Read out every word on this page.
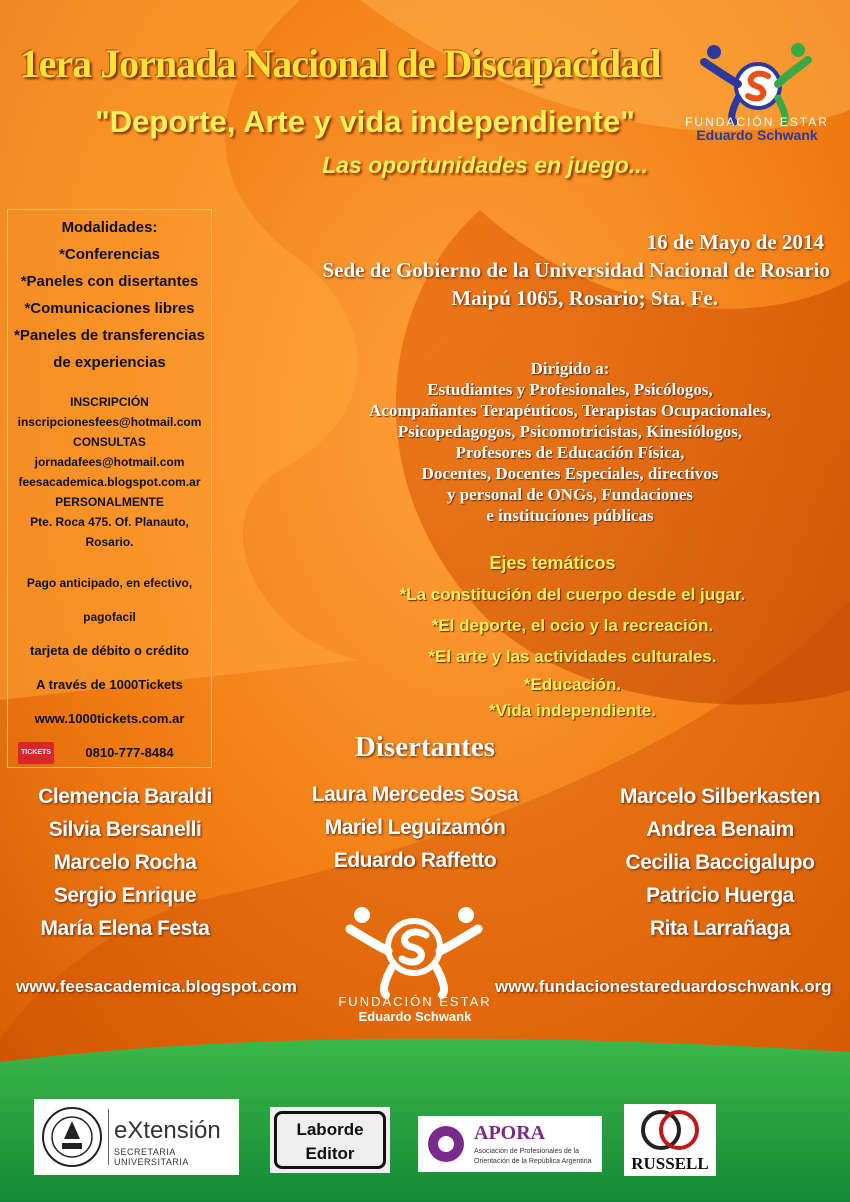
1era Jornada Nacional de Discapacidad
"Deporte, Arte y vida independiente"
Las oportunidades en juego...
FUNDACIÓN ESTAR
Eduardo Schwank
Modalidades:
*Conferencias
*Paneles con disertantes
*Comunicaciones libres
*Paneles de transferencias
de experiencias
INSCRIPCIÓN
inscripcionesfees@hotmail.com
CONSULTAS
jornadafees@hotmail.com
feesacademica.blogspot.com.ar
PERSONALMENTE
Pte. Roca 475. Of. Planauto,
Rosario.
Pago anticipado, en efectivo, pagofacil
tarjeta de débito o crédito
A través de 1000Tickets
www.1000tickets.com.ar
TICKETS	0810-777-8484
16 de Mayo de 2014
Sede de Gobierno de la Universidad Nacional de Rosario
Maipú 1065, Rosario; Sta. Fe.
Dirigido a:
Estudiantes y Profesionales, Psicólogos,
Acompañantes Terapéuticos, Terapistas Ocupacionales,
Psicopedagogos, Psicomotricistas, Kinesiólogos,
Profesores de Educación Física,
Docentes, Docentes Especiales, directivos
y personal de ONGs, Fundaciones
e instituciones públicas
Ejes temáticos
*La constitución del cuerpo desde el jugar.
*El deporte, el ocio y la recreación.
*El arte y las actividades culturales.
*Educación.
*Vida independiente.
Disertantes
Clemencia Baraldi
Silvia Bersanelli
Marcelo Rocha
Sergio Enrique
María Elena Festa
Laura Mercedes Sosa
Mariel Leguizamón
Eduardo Raffetto
Marcelo Silberkasten
Andrea Benaim
Cecilia Baccigalupo
Patricio Huerga
Rita Larrañaga
FUNDACIÓN ESTAR
Eduardo Schwank
www.feesacademica.blogspot.com	www.fundacionestareduardoschwank.org
eXtensión
SECRETARIA UNIVERSITARIA
Laborde
Editor
APORA
Asociación de Profesionales de la
Orientación de la República Argentina	RUSSELL
